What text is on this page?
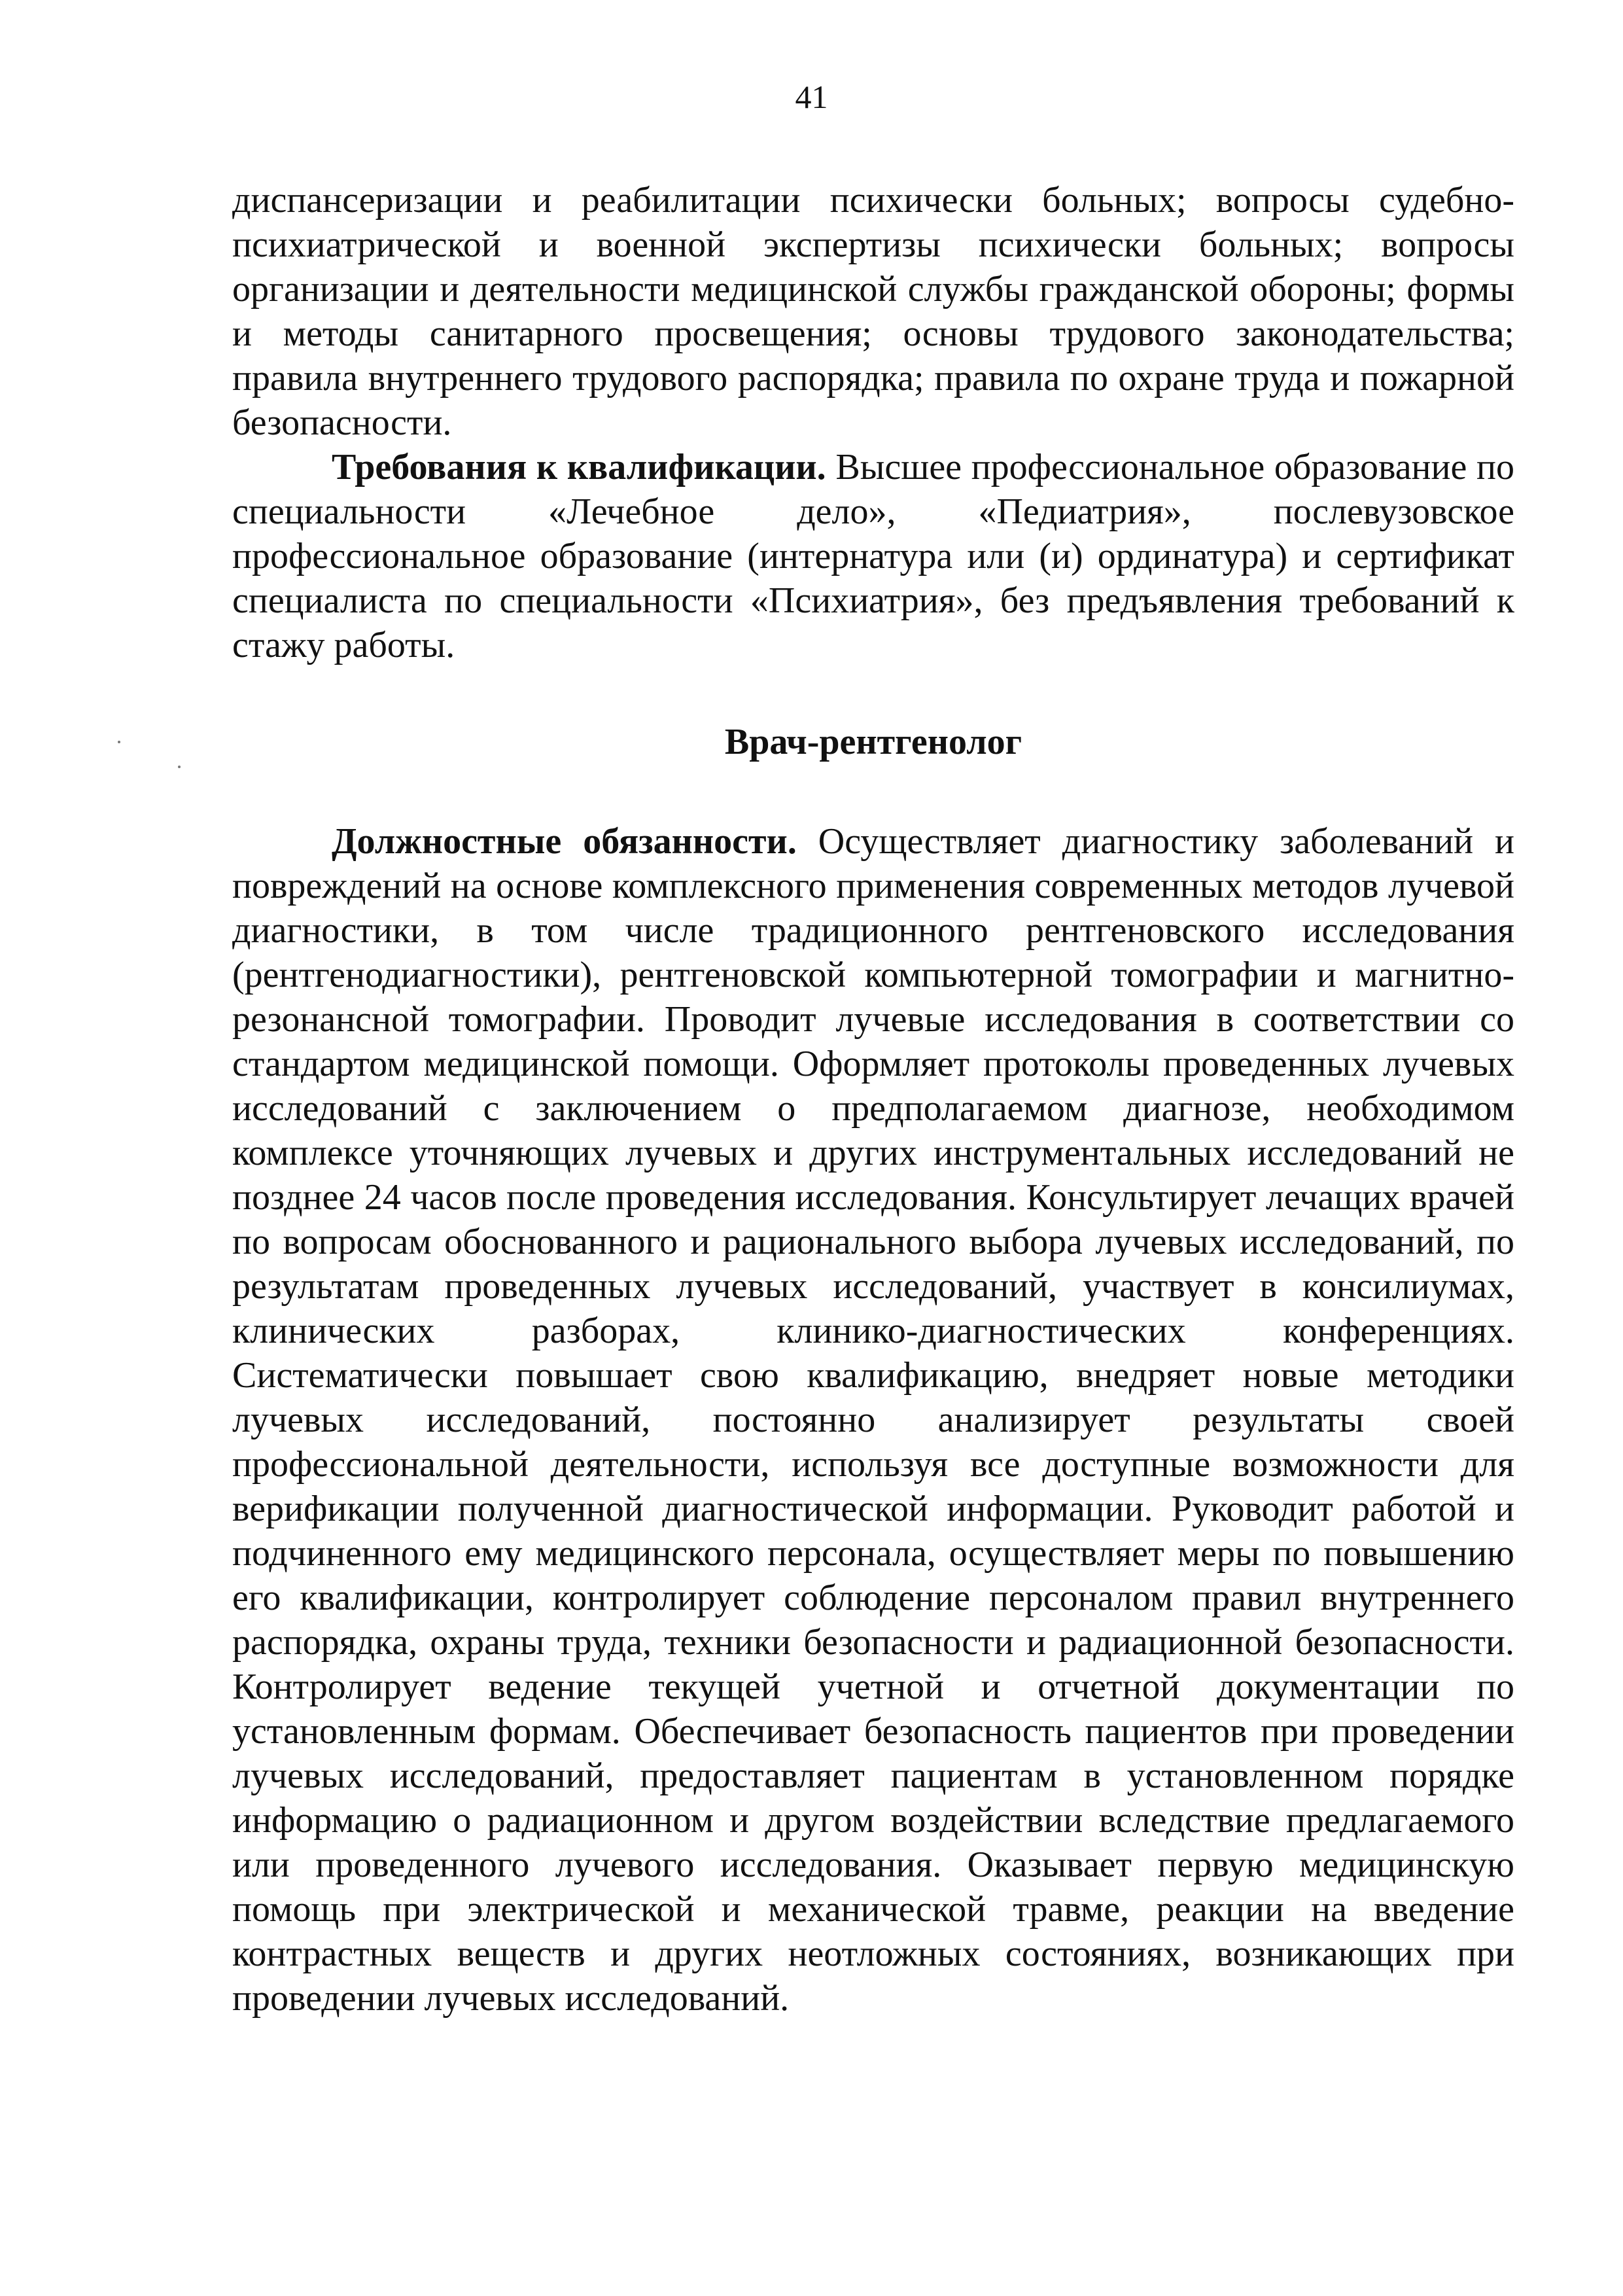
41

диспансеризации и реабилитации психически больных; вопросы судебно-психиатрической и военной экспертизы психически больных; вопросы организации и деятельности медицинской службы гражданской обороны; формы и методы санитарного просвещения; основы трудового законодательства; правила внутреннего трудового распорядка; правила по охране труда и пожарной безопасности.

Требования к квалификации. Высшее профессиональное образование по специальности «Лечебное дело», «Педиатрия», послевузовское профессиональное образование (интернатура или (и) ординатура) и сертификат специалиста по специальности «Психиатрия», без предъявления требований к стажу работы.

Врач-рентгенолог

Должностные обязанности. Осуществляет диагностику заболеваний и повреждений на основе комплексного применения современных методов лучевой диагностики, в том числе традиционного рентгеновского исследования (рентгенодиагностики), рентгеновской компьютерной томографии и магнитно-резонансной томографии. Проводит лучевые исследования в соответствии со стандартом медицинской помощи. Оформляет протоколы проведенных лучевых исследований с заключением о предполагаемом диагнозе, необходимом комплексе уточняющих лучевых и других инструментальных исследований не позднее 24 часов после проведения исследования. Консультирует лечащих врачей по вопросам обоснованного и рационального выбора лучевых исследований, по результатам проведенных лучевых исследований, участвует в консилиумах, клинических разборах, клинико-диагностических конференциях. Систематически повышает свою квалификацию, внедряет новые методики лучевых исследований, постоянно анализирует результаты своей профессиональной деятельности, используя все доступные возможности для верификации полученной диагностической информации. Руководит работой и подчиненного ему медицинского персонала, осуществляет меры по повышению его квалификации, контролирует соблюдение персоналом правил внутреннего распорядка, охраны труда, техники безопасности и радиационной безопасности. Контролирует ведение текущей учетной и отчетной документации по установленным формам. Обеспечивает безопасность пациентов при проведении лучевых исследований, предоставляет пациентам в установленном порядке информацию о радиационном и другом воздействии вследствие предлагаемого или проведенного лучевого исследования. Оказывает первую медицинскую помощь при электрической и механической травме, реакции на введение контрастных веществ и других неотложных состояниях, возникающих при проведении лучевых исследований.
